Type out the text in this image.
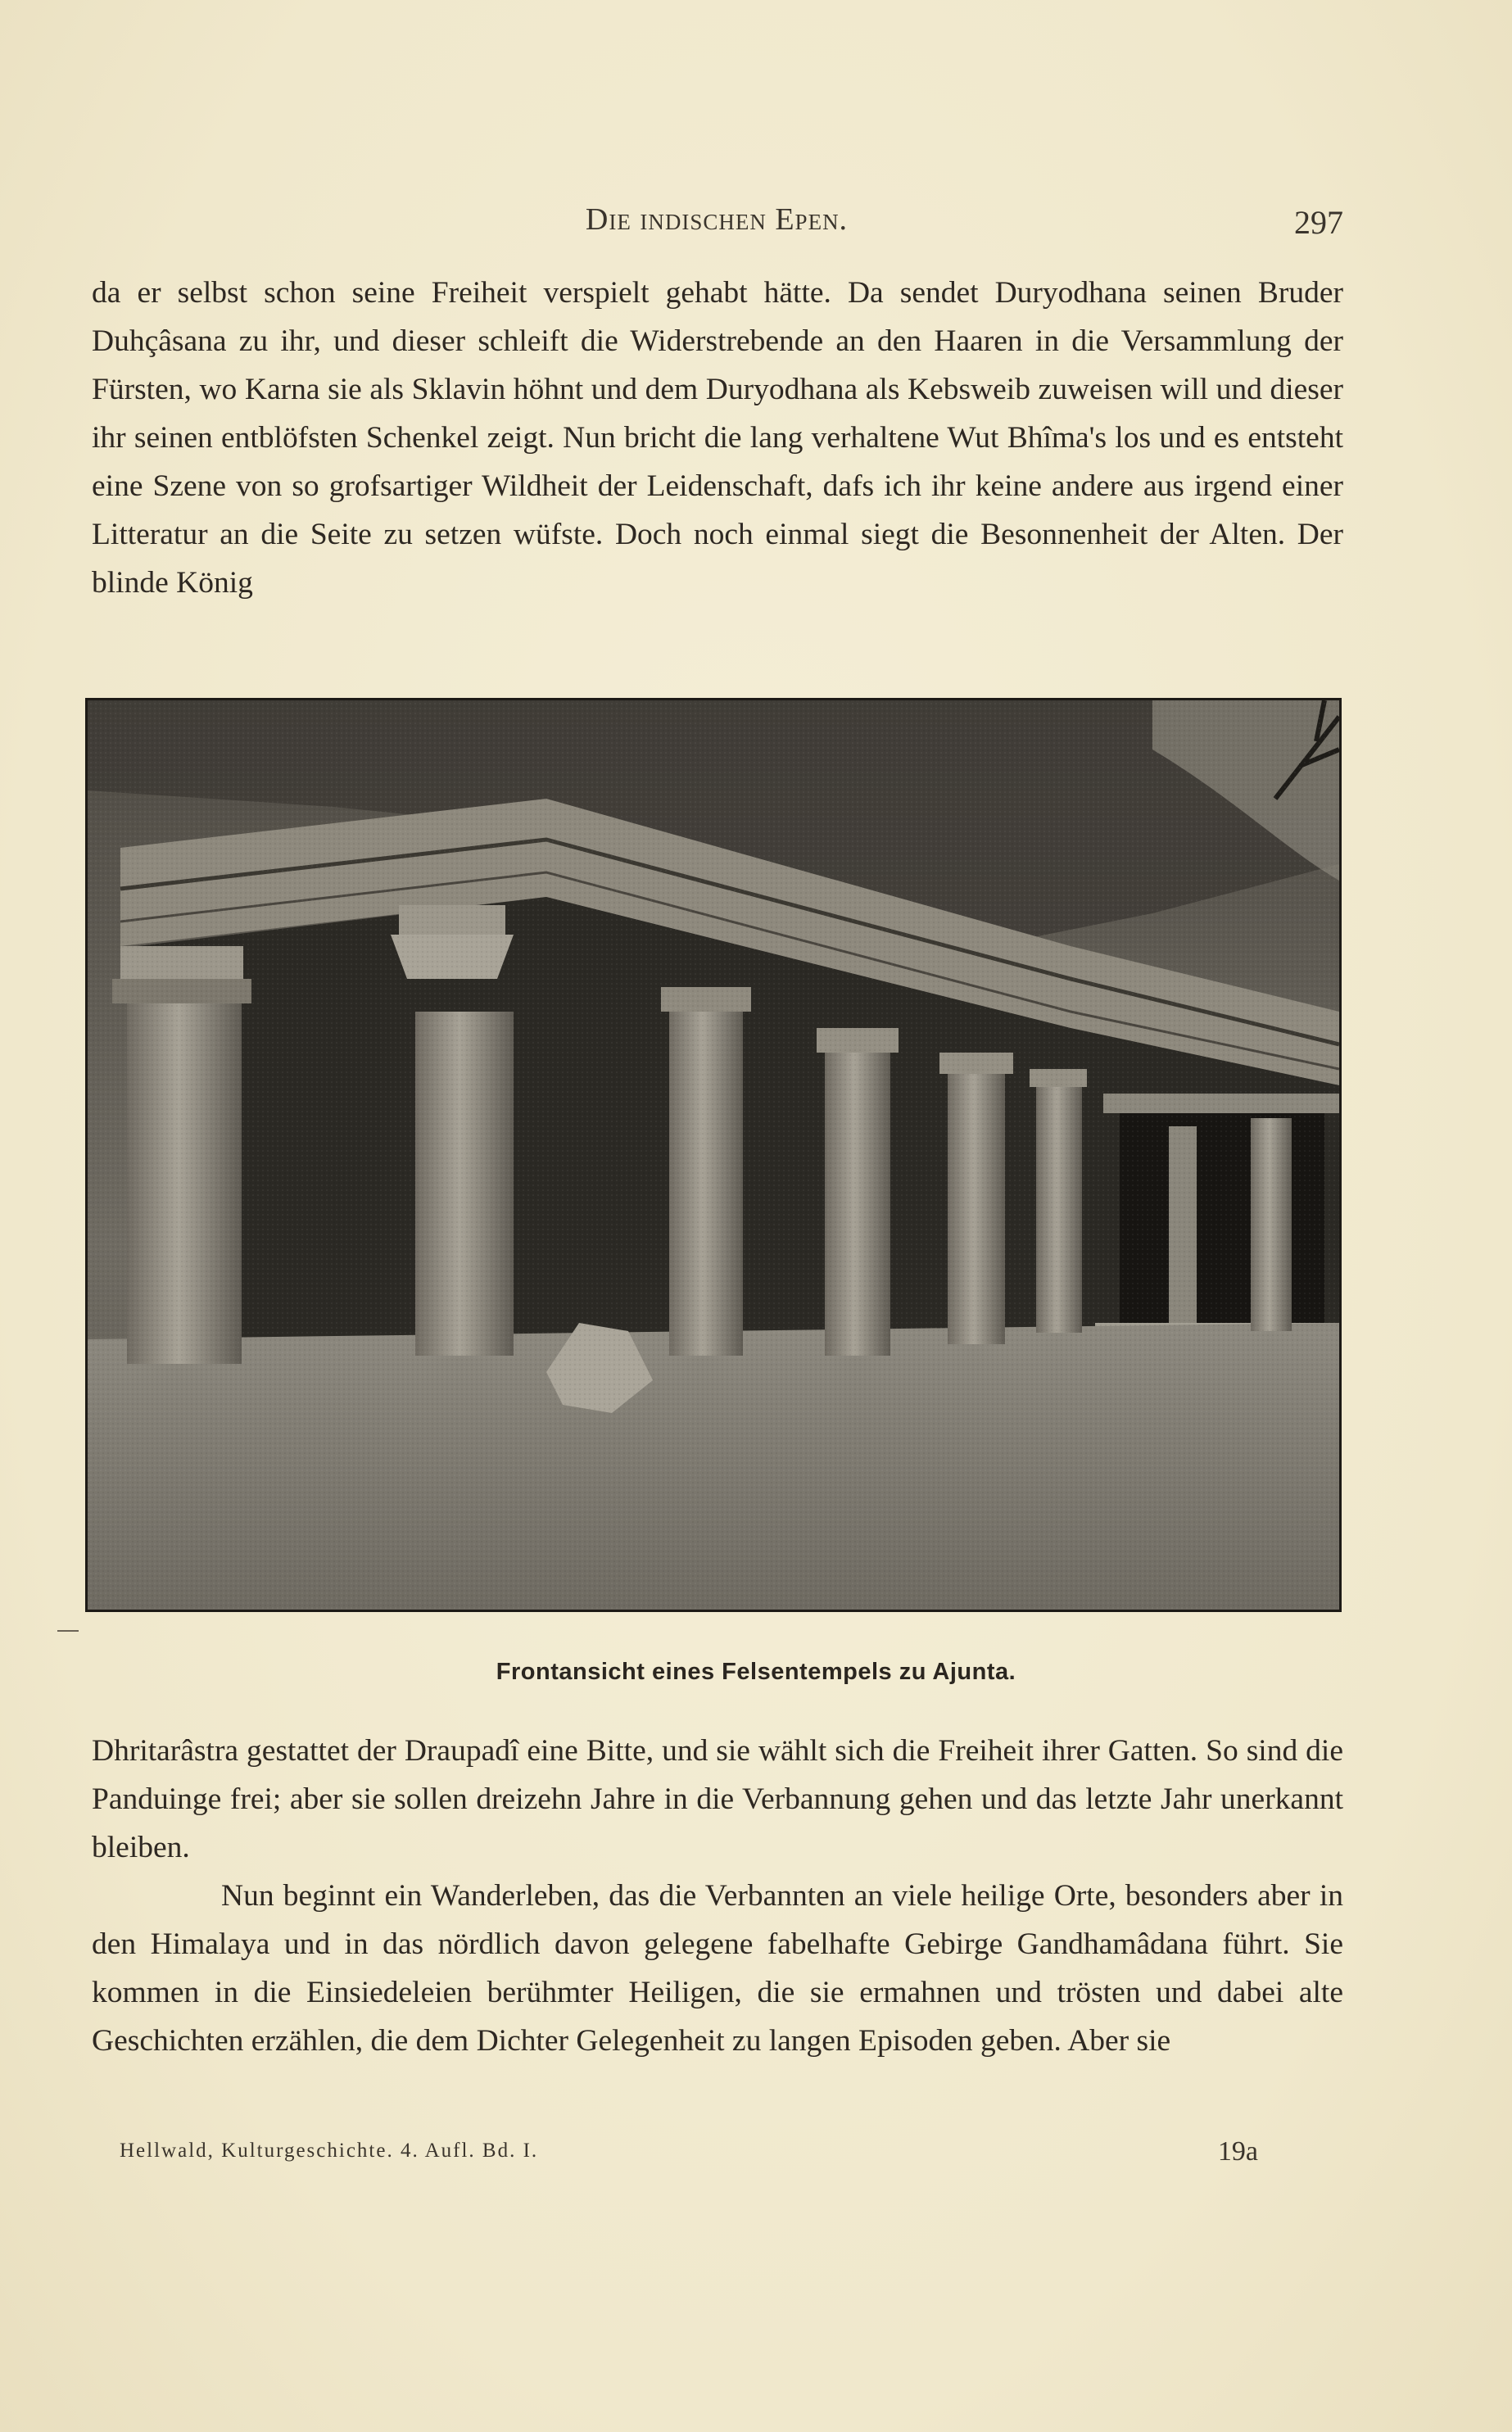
Die indischen Epen.	297

da er selbst schon seine Freiheit verspielt gehabt hätte. Da sendet Duryodhana seinen Bruder Duhçâsana zu ihr, und dieser schleift die Widerstrebende an den Haaren in die Versammlung der Fürsten, wo Karna sie als Sklavin höhnt und dem Duryodhana als Kebsweib zuweisen will und dieser ihr seinen entblöfsten Schenkel zeigt. Nun bricht die lang verhaltene Wut Bhîma's los und es entsteht eine Szene von so grofsartiger Wildheit der Leidenschaft, dafs ich ihr keine andere aus irgend einer Litteratur an die Seite zu setzen wüfste. Doch noch einmal siegt die Besonnenheit der Alten. Der blinde König

Frontansicht eines Felsentempels zu Ajunta.

Dhritarâstra gestattet der Draupadî eine Bitte, und sie wählt sich die Freiheit ihrer Gatten. So sind die Panduinge frei; aber sie sollen dreizehn Jahre in die Verbannung gehen und das letzte Jahr unerkannt bleiben.

Nun beginnt ein Wanderleben, das die Verbannten an viele heilige Orte, besonders aber in den Himalaya und in das nördlich davon gelegene fabelhafte Gebirge Gandhamâdana führt. Sie kommen in die Einsiedeleien berühmter Heiligen, die sie ermahnen und trösten und dabei alte Geschichten erzählen, die dem Dichter Gelegenheit zu langen Episoden geben. Aber sie

Hellwald, Kulturgeschichte. 4. Aufl. Bd. I.	19a
